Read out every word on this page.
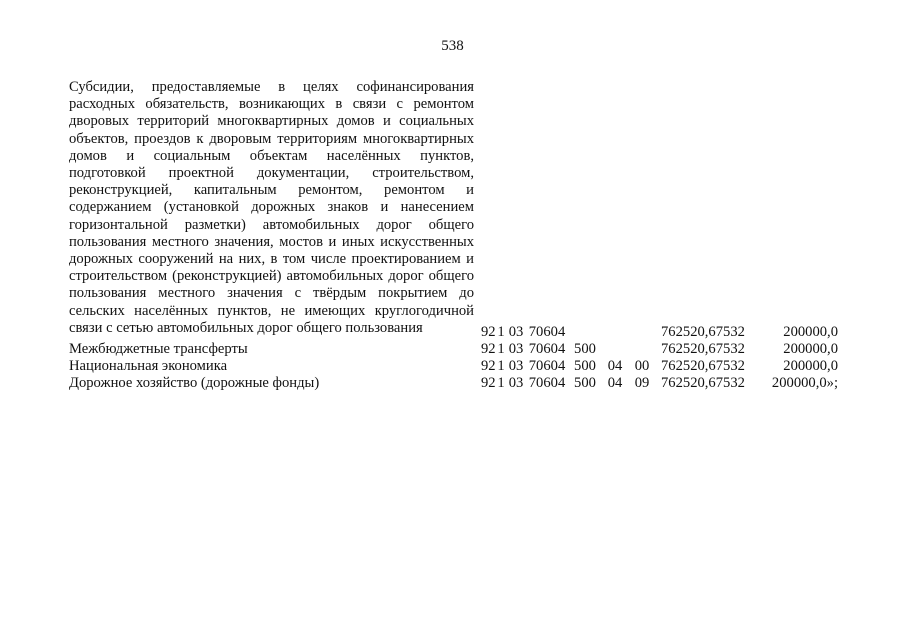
538
Субсидии, предоставляемые в целях софинансирования расходных обязательств, возникающих в связи с ремонтом дворовых территорий многоквартирных домов и социальных объектов, проездов к дворовым территориям многоквартирных домов и социальным объектам населённых пунктов, подготовкой проектной документации, строительством, реконструкцией, капитальным ремонтом, ремонтом и содержанием (установкой дорожных знаков и нанесением горизонтальной разметки) автомобильных дорог общего пользования местного значения, мостов и иных искусственных дорожных сооружений на них, в том числе проектированием и строительством (реконструкцией) автомобильных дорог общего пользования местного значения с твёрдым покрытием до сельских населённых пунктов, не имеющих круглогодичной связи с сетью автомобильных дорог общего пользования	92 1 03 70604	762520,67532	200000,0
Межбюджетные трансферты	92 1 03 70604 500	762520,67532	200000,0
Национальная экономика	92 1 03 70604 500 04 00 762520,67532	200000,0
Дорожное хозяйство (дорожные фонды)	92 1 03 70604 500 04 09 762520,67532 200000,0»;
